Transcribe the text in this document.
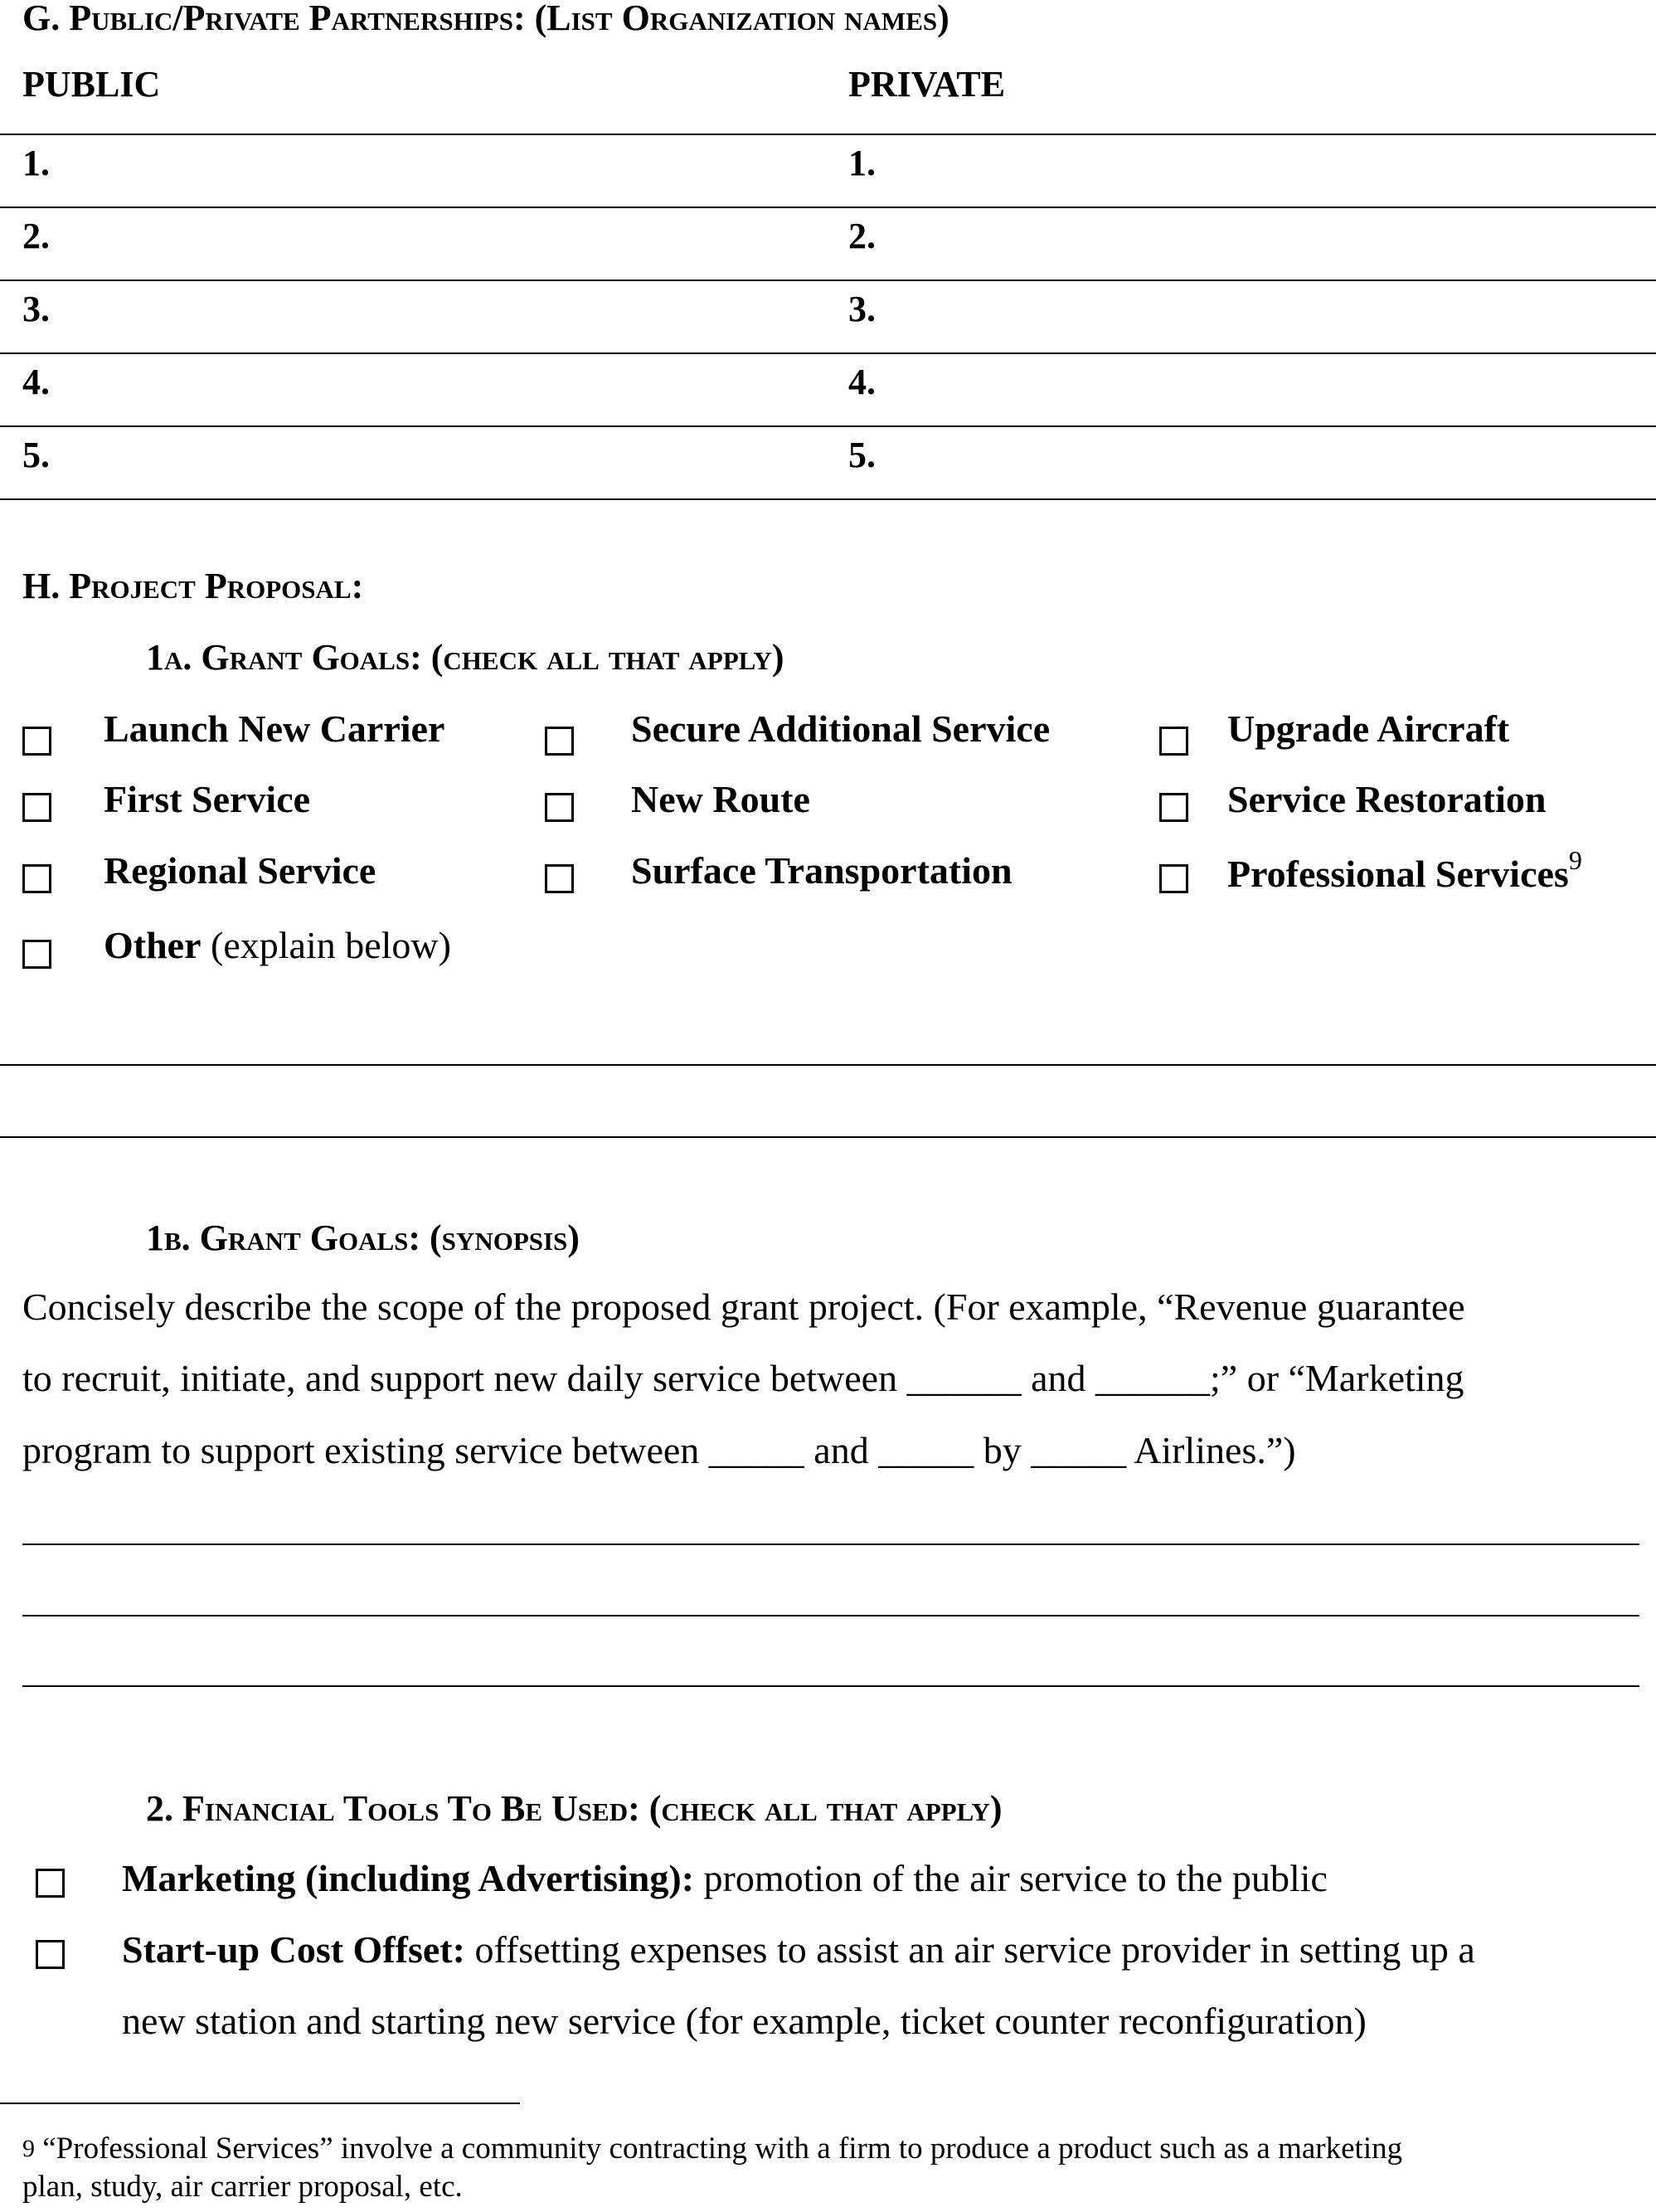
G. Public/Private Partnerships: (List Organization names)
PUBLIC	PRIVATE
1.	1.
2.	2.
3.	3.
4.	4.
5.	5.
H. Project Proposal:
1a. Grant Goals: (check all that apply)
Launch New Carrier	Secure Additional Service	Upgrade Aircraft
First Service	New Route	Service Restoration
Regional Service	Surface Transportation	Professional Services$^9$
Other (explain below)
1b. Grant Goals: (synopsis)
Concisely describe the scope of the proposed grant project. (For example, “Revenue guarantee
to recruit, initiate, and support new daily service between ______ and ______;” or “Marketing
program to support existing service between _____ and _____ by _____ Airlines.”)
2. Financial Tools To Be Used: (check all that apply)
Marketing (including Advertising): promotion of the air service to the public
Start-up Cost Offset: offsetting expenses to assist an air service provider in setting up a
new station and starting new service (for example, ticket counter reconfiguration)
$^9$ “Professional Services” involve a community contracting with a firm to produce a product such as a marketing
plan, study, air carrier proposal, etc.
